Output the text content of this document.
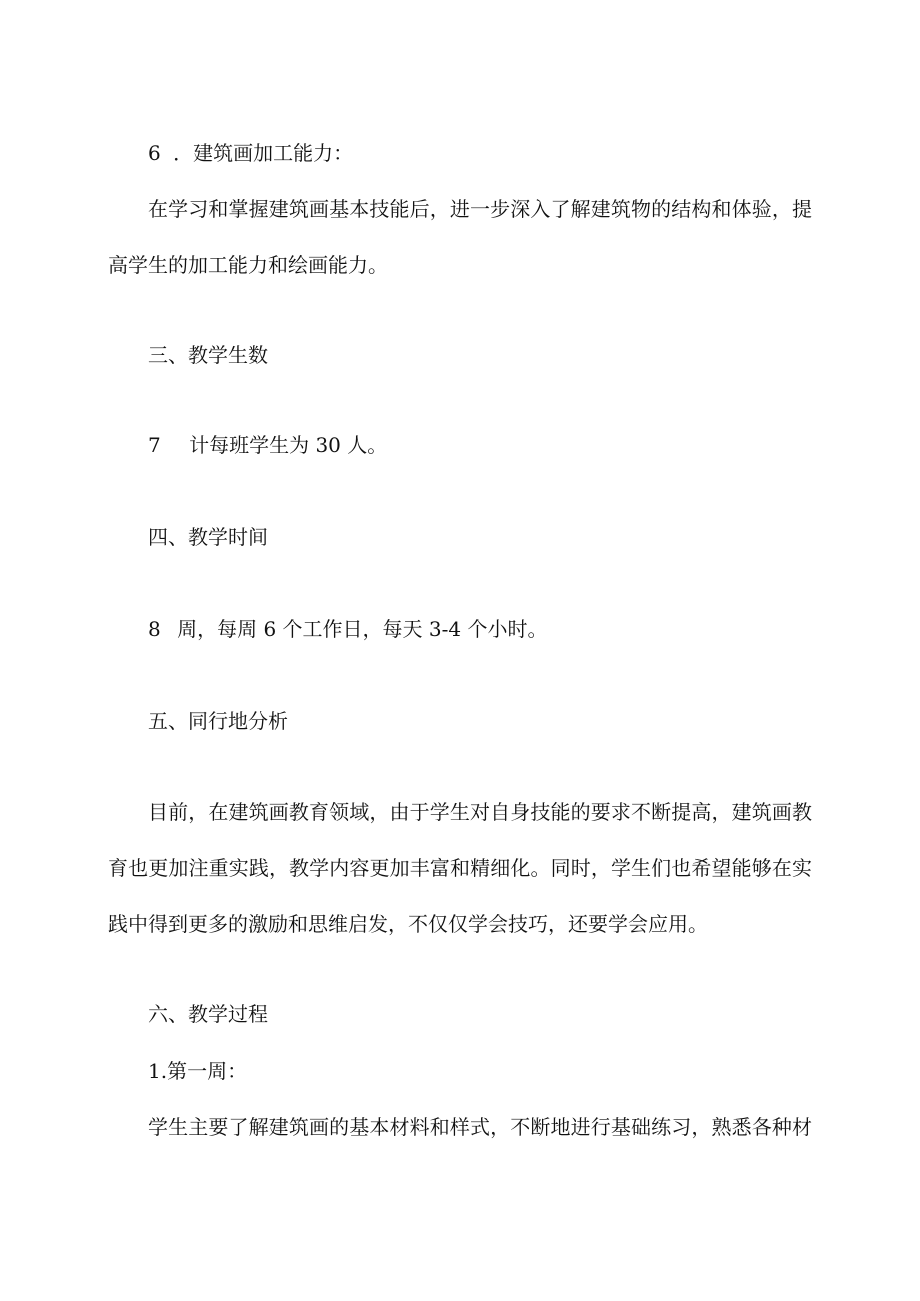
6 ．建筑画加工能力：
在学习和掌握建筑画基本技能后，进一步深入了解建筑物的结构和体验，提
高学生的加工能力和绘画能力。
三、教学生数
7 计每班学生为 30 人。
四、教学时间
8 周，每周 6 个工作日，每天 3-4 个小时。
五、同行地分析
目前，在建筑画教育领域，由于学生对自身技能的要求不断提高，建筑画教
育也更加注重实践，教学内容更加丰富和精细化。同时，学生们也希望能够在实
践中得到更多的激励和思维启发，不仅仅学会技巧，还要学会应用。
六、教学过程
1.第一周：
学生主要了解建筑画的基本材料和样式，不断地进行基础练习，熟悉各种材
